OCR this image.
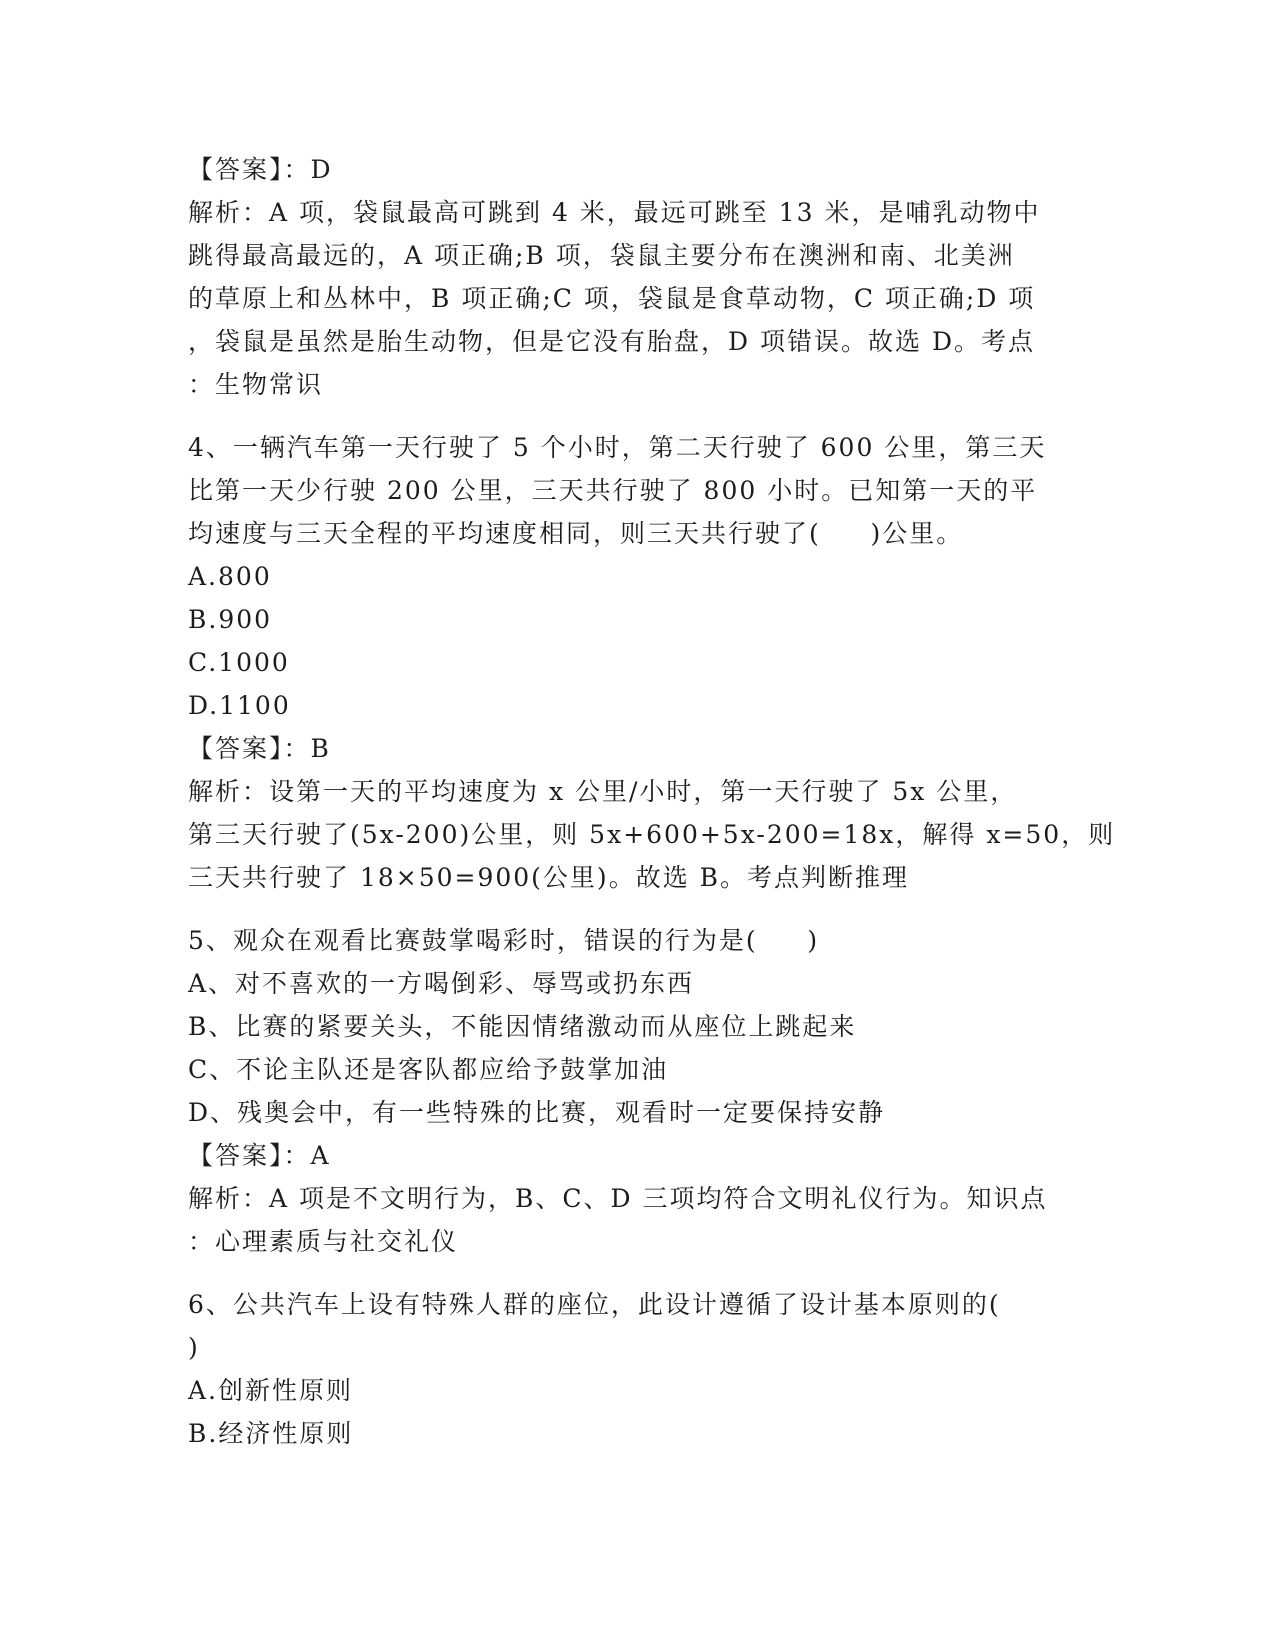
【答案】：D
解析：A 项，袋鼠最高可跳到 4 米，最远可跳至 13 米，是哺乳动物中
跳得最高最远的，A 项正确;B 项，袋鼠主要分布在澳洲和南、北美洲
的草原上和丛林中，B 项正确;C 项，袋鼠是食草动物，C 项正确;D 项
，袋鼠是虽然是胎生动物，但是它没有胎盘，D 项错误。故选 D。考点
：生物常识
4、一辆汽车第一天行驶了 5 个小时，第二天行驶了 600 公里，第三天
比第一天少行驶 200 公里，三天共行驶了 800 小时。已知第一天的平
均速度与三天全程的平均速度相同，则三天共行驶了(     )公里。
A.800
B.900
C.1000
D.1100
【答案】：B
解析：设第一天的平均速度为 x 公里/小时，第一天行驶了 5x 公里，
第三天行驶了(5x-200)公里，则 5x+600+5x-200=18x，解得 x=50，则
三天共行驶了 18×50=900(公里)。故选 B。考点判断推理
5、观众在观看比赛鼓掌喝彩时，错误的行为是(     )
A、对不喜欢的一方喝倒彩、辱骂或扔东西
B、比赛的紧要关头，不能因情绪激动而从座位上跳起来
C、不论主队还是客队都应给予鼓掌加油
D、残奥会中，有一些特殊的比赛，观看时一定要保持安静
【答案】：A
解析：A 项是不文明行为，B、C、D 三项均符合文明礼仪行为。知识点
：心理素质与社交礼仪
6、公共汽车上设有特殊人群的座位，此设计遵循了设计基本原则的(
)
A.创新性原则
B.经济性原则
